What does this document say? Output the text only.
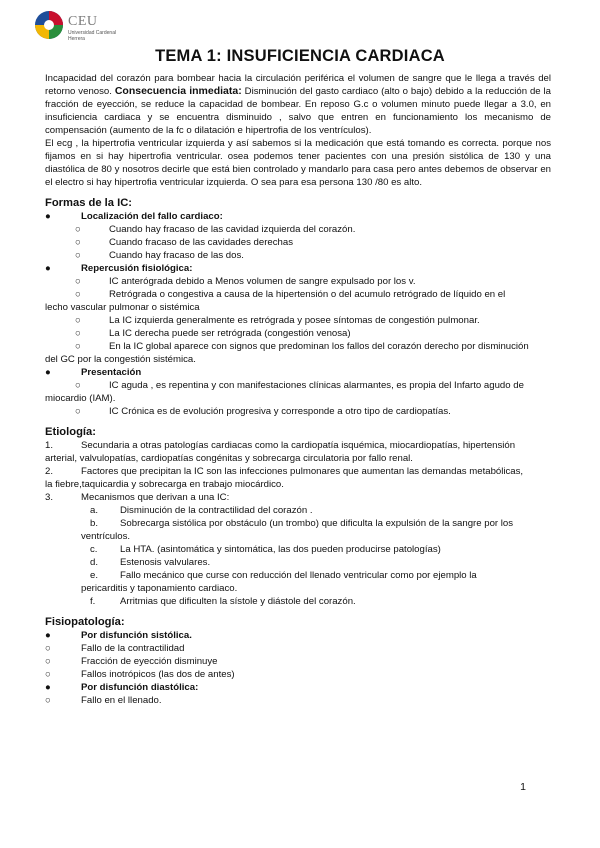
CEU
Universidad Cardenal Herrera
TEMA 1: INSUFICIENCIA CARDIACA

Incapacidad del corazón para bombear hacia la circulación periférica el volumen de sangre que le llega a través del retorno venoso. Consecuencia inmediata: Disminución del gasto cardiaco (alto o bajo) debido a la reducción de la fracción de eyección, se reduce la capacidad de bombear. En reposo G.c o volumen minuto puede llegar a 3.0, en insuficiencia cardiaca y se encuentra disminuido , salvo que entren en funcionamiento los mecanismo de compensación (aumento de la fc o dilatación e hipertrofia de los ventrículos).

El ecg , la hipertrofia ventricular izquierda y así sabemos si la medicación que está tomando es correcta. porque nos fijamos en si hay hipertrofia ventricular. osea podemos tener pacientes con una presión sistólica de 130 y una diastólica de 80 y nosotros decirle que está bien controlado y mandarlo para casa pero antes debemos de observar en el electro si hay hipertrofia ventricular izquierda. O sea para esa persona 130 /80 es alto.

Formas de la IC:

●	Localización del fallo cardiaco:
○	Cuando hay fracaso de las cavidad izquierda del corazón.
○	Cuando fracaso de las cavidades derechas
○	Cuando hay fracaso de las dos.
●	Repercusión fisiológica:
○	IC anterógrada debido a Menos volumen de sangre expulsado por los v.
○	Retrógrada o congestiva a causa de la hipertensión o del acumulo retrógrado de líquido en el
lecho vascular pulmonar o sistémica
○	La IC izquierda generalmente es retrógrada y posee síntomas de congestión pulmonar.
○	La IC derecha puede ser retrógrada (congestión venosa)
○	En la IC global aparece con signos que predominan los fallos del corazón derecho por disminución
del GC por la congestión sistémica.
●	Presentación
○	IC aguda , es repentina y con manifestaciones clínicas alarmantes, es propia del Infarto agudo de
miocardio (IAM).
○	IC Crónica es de evolución progresiva y corresponde a otro tipo de cardiopatías.

Etiología:

1.	Secundaria a otras patologías cardiacas como la cardiopatía isquémica, miocardiopatías, hipertensión
arterial, valvulopatías, cardiopatías congénitas y sobrecarga circulatoria por fallo renal.
2.	Factores que precipitan la IC son las infecciones pulmonares que aumentan las demandas metabólicas,
la fiebre,taquicardia y sobrecarga en trabajo miocárdico.
3.	Mecanismos que derivan a una IC:
a. Disminución de la contractilidad del corazón .
b. Sobrecarga sistólica por obstáculo (un trombo) que dificulta la expulsión de la sangre por los
ventrículos.
c. La HTA. (asintomática y sintomática, las dos pueden producirse patologías)
d. Estenosis valvulares.
e. Fallo mecánico que curse con reducción del llenado ventricular como por ejemplo la
pericarditis y taponamiento cardiaco.
f.	Arritmias que dificulten la sístole y diástole del corazón.

Fisiopatología:

●	Por disfunción sistólica.
○	Fallo de la contractilidad
○	Fracción de eyección disminuye
○	Fallos inotrópicos (las dos de antes)
●	Por disfunción diastólica:
○	Fallo en el llenado.
1
